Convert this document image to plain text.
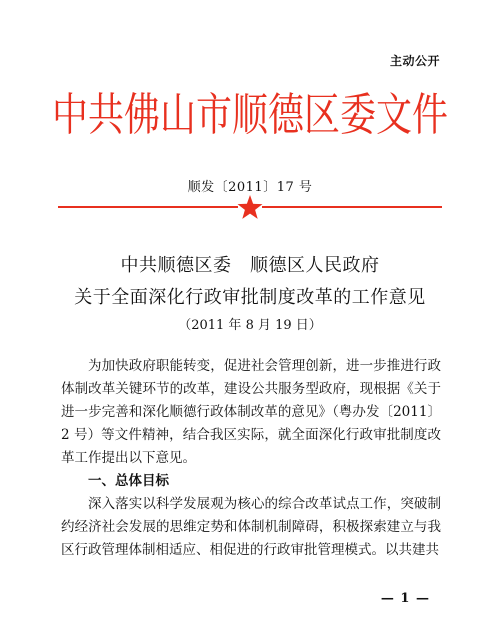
主动公开
中共佛山市顺德区委文件
顺发〔2011〕17 号
中共顺德区委　顺德区人民政府
关于全面深化行政审批制度改革的工作意见
（2011 年 8 月 19 日）

为加快政府职能转变，促进社会管理创新，进一步推进行政体制改革关键环节的改革，建设公共服务型政府，现根据《关于进一步完善和深化顺德行政体制改革的意见》（粤办发〔2011〕2 号）等文件精神，结合我区实际，就全面深化行政审批制度改革工作提出以下意见。

一、总体目标

深入落实以科学发展观为核心的综合改革试点工作，突破制约经济社会发展的思维定势和体制机制障碍，积极探索建立与我区行政管理体制相适应、相促进的行政审批管理模式。以共建共

— 1 —
